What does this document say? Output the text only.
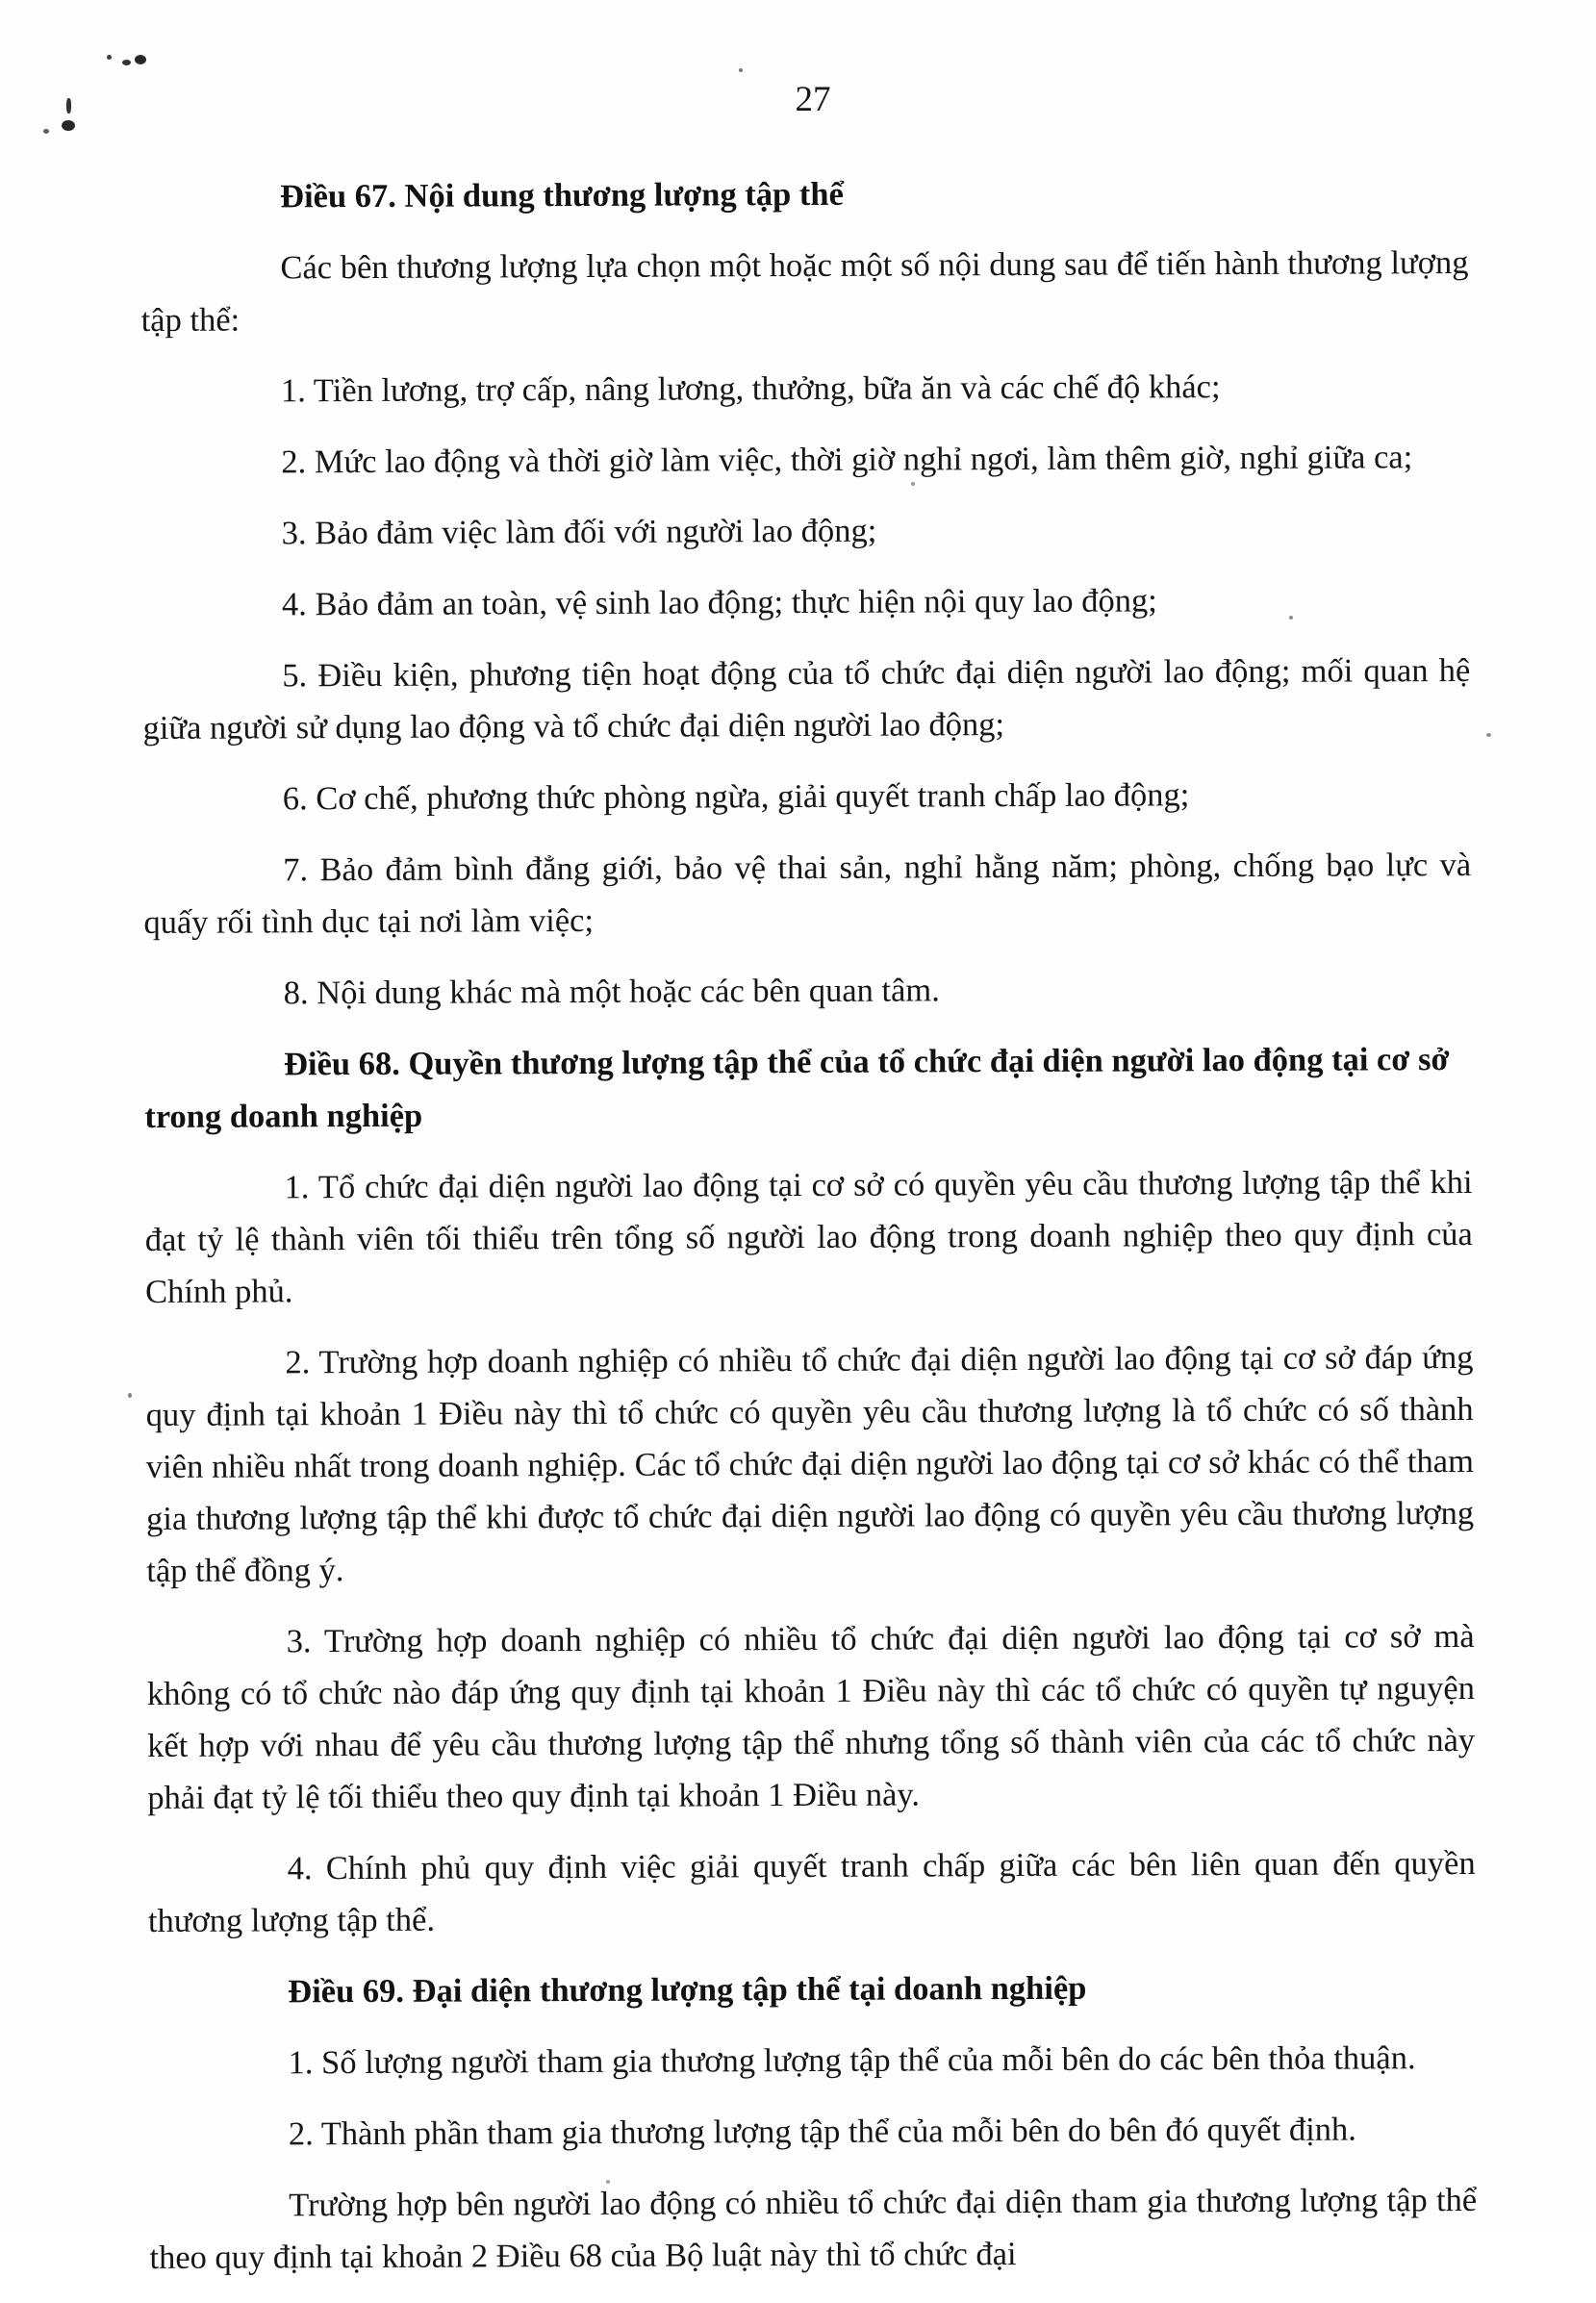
27
Điều 67. Nội dung thương lượng tập thể

Các bên thương lượng lựa chọn một hoặc một số nội dung sau để tiến hành thương lượng tập thể:

1. Tiền lương, trợ cấp, nâng lương, thưởng, bữa ăn và các chế độ khác;

2. Mức lao động và thời giờ làm việc, thời giờ nghỉ ngơi, làm thêm giờ, nghỉ giữa ca;

3. Bảo đảm việc làm đối với người lao động;

4. Bảo đảm an toàn, vệ sinh lao động; thực hiện nội quy lao động;

5. Điều kiện, phương tiện hoạt động của tổ chức đại diện người lao động; mối quan hệ giữa người sử dụng lao động và tổ chức đại diện người lao động;

6. Cơ chế, phương thức phòng ngừa, giải quyết tranh chấp lao động;

7. Bảo đảm bình đẳng giới, bảo vệ thai sản, nghỉ hằng năm; phòng, chống bạo lực và quấy rối tình dục tại nơi làm việc;

8. Nội dung khác mà một hoặc các bên quan tâm.

Điều 68. Quyền thương lượng tập thể của tổ chức đại diện người lao động tại cơ sở trong doanh nghiệp

1. Tổ chức đại diện người lao động tại cơ sở có quyền yêu cầu thương lượng tập thể khi đạt tỷ lệ thành viên tối thiểu trên tổng số người lao động trong doanh nghiệp theo quy định của Chính phủ.

2. Trường hợp doanh nghiệp có nhiều tổ chức đại diện người lao động tại cơ sở đáp ứng quy định tại khoản 1 Điều này thì tổ chức có quyền yêu cầu thương lượng là tổ chức có số thành viên nhiều nhất trong doanh nghiệp. Các tổ chức đại diện người lao động tại cơ sở khác có thể tham gia thương lượng tập thể khi được tổ chức đại diện người lao động có quyền yêu cầu thương lượng tập thể đồng ý.

3. Trường hợp doanh nghiệp có nhiều tổ chức đại diện người lao động tại cơ sở mà không có tổ chức nào đáp ứng quy định tại khoản 1 Điều này thì các tổ chức có quyền tự nguyện kết hợp với nhau để yêu cầu thương lượng tập thể nhưng tổng số thành viên của các tổ chức này phải đạt tỷ lệ tối thiểu theo quy định tại khoản 1 Điều này.

4. Chính phủ quy định việc giải quyết tranh chấp giữa các bên liên quan đến quyền thương lượng tập thể.

Điều 69. Đại diện thương lượng tập thể tại doanh nghiệp

1. Số lượng người tham gia thương lượng tập thể của mỗi bên do các bên thỏa thuận.

2. Thành phần tham gia thương lượng tập thể của mỗi bên do bên đó quyết định.

Trường hợp bên người lao động có nhiều tổ chức đại diện tham gia thương lượng tập thể theo quy định tại khoản 2 Điều 68 của Bộ luật này thì tổ chức đại
